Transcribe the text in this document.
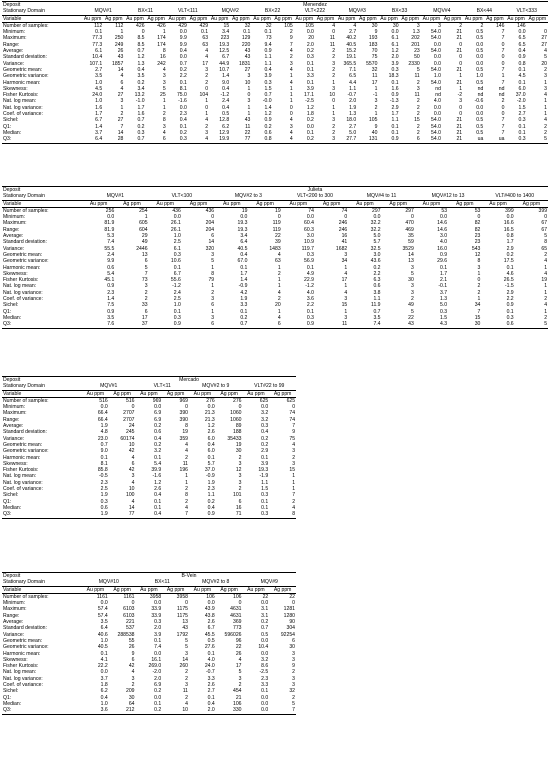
Deposit	Menendez																					
Stationary Domain	MQV#1		BX<11		VLT<111		MQV#2		BX<22		VLT<222		MQV#3		BX<33		MQV#4		BX<44		VLT<333	
Variable	Au ppm	Ag ppm	Au ppm	Ag ppm	Au ppm	Ag ppm	Au ppm	Ag ppm	Au ppm	Ag ppm	Au ppm	Ag ppm	Au ppm	Ag ppm	Au ppm	Ag ppm	Au ppm	Ag ppm	Au ppm	Ag ppm	Au ppm	Ag ppm
Number of samples:	112	112	426	426	429	429	15	32	32	105	105	4	4	30	30	3	3	2	2	146	146	
Minimum:	0.1	1	0	1	0.0	0.1	3.4	0.1	0.1	2	0.0	0	2.7	9	0.0	1.3	54.0	21	0.5	7	0.0	0
Maximum:	77.3	250	8.5	174	9.9	63	223	129	73	9	20	11	40.2	193	6.1	202	54.0	21	0.5	7	6.5	27
Range:	77.3	249	8.5	174	9.9	63	19.3	220	9.4	7	2.0	11	40.5	183	6.1	201	0.0	0	0.0	0	6.5	27
Average:	6.1	26	0.7	8	0.4	4	12.5	43	0.9	4	0.2	2	15.2	70	1.2	23	54.0	21	0.5	7	0.4	4
Standard deviation:	10.4	43	1.2	16	0.0	4	6.7	43	1.1	2	0.3	2	19.1	75	2.0	50	0.0	0	0.0	0	0.9	5
Variance:	107.1	1857	1.3	242	0.7	17	44.9	1831	1.1	3	0.1	3	365.5	5570	3.9	2330	0.0	0	0.0	0	0.8	20
Geometric mean:	2.7	14	0.4	4	0.2	3	10.7	27	0.4	4	0.1	2	7.1	32	0.3	5	54.0	21	0.5	7	0.1	2
Geometric variance:	3.5	4	3.5	3	2.2	2	1.4	3	3.9	1	3.3	2	6.5	11	18.3	11	1.0	1	1.0	1	4.5	3
Harmonic mean:	1.0	6	0.2	3	0.1	2	9.0	10	0.3	4	0.1	1	4.4	17	0.1	2	54.0	21	0.5	7	0.1	1
Skewness:	4.5	4	3.4	5	8.1	0	0.4	1	1.5	1	3.9	3	1.1	1	1.6	3	nd	1	nd	nd	6.0	3
Fisher Kurtosis:	24.0	27	13.2	25	75.0	104	-1.2	0	0.7	1	17.1	10	-0.7	-1	0.9	11	nd	-2	nd	nd	37.0	4
Nat. log mean:	1.0	3	-1.0	1	-1.6	1	2.4	3	-0.0	1	-2.5	0	2.0	3	-1.3	2	4.0	3	-0.6	2	-2.0	1
Nat. log variance:	1.6	1	1.7	1	0.0	0	0.4	1	1.4	0	1.2	1	1.9	2	2.9	2	0.0	0	0.0	0	1.5	1
Coef. of variance:	1.7	2	1.6	2	2.3	1	0.5	1	1.2	0	1.8	1	1.3	1	1.7	2	0.0	0	0.0	0	2.7	1
Sichel:	6.7	27	0.7	8	0.4	4	12.8	43	0.9	4	0.2	3	18.0	105	1.1	15	54.0	21	0.5	7	0.3	4
Q1:	1.4	7	0.2	3	0.1	2	6.2	11	0.2	3	0.0	2	2.7	9	0.1	2	54.0	21	0.5	7	0.1	2
Median:	3.7	14	0.3	4	0.2	3	12.9	22	0.6	4	0.1	2	5.0	40	0.1	2	54.0	21	0.5	7	0.1	2
Q3:	6.4	28	0.7	6	0.3	4	19.9	77	0.8	4	0.2	3	27.7	131	0.9	6	54.0	21	ua	ua	0.3	5
Deposit	Julieta													
Stationary Domain	MQV#1		VLT<100		MQV#2 to 3		VLT<200 to 300		MQV#4 to 11		MQV#12 to 13		VLT#400 to 1400	
Variable	Au ppm	Ag ppm	Au ppm	Ag ppm	Au ppm	Ag ppm	Au ppm	Ag ppm	Au ppm	Ag ppm	Au ppm	Ag ppm	Au ppm	Ag ppm
Number of samples:	256	254	436	436	19	19	74	74	297	297	53	53	399	399
Minimum:	0.0	1	0.0	0	0.0	0	0.0	0	0.0	0	0.0	0	0.0	0
Maximum:	81.9	605	26.1	204	19.3	119	60.4	246	32.2	470	14.6	82	16.6	67
Range:	81.9	604	26.1	204	19.3	119	60.3	246	32.2	469	14.6	82	16.5	67
Average:	5.3	29	1.0	6	3.4	22	3.0	16	5.0	35	3.0	23	0.8	5
Standard deviation:	7.4	49	2.5	14	6.4	39	10.9	41	5.7	59	4.0	23	1.7	8
Variance:	55.5	2446	6.1	320	40.5	1483	119.7	1682	32.5	3529	16.0	543	2.9	65
Geometric mean:	2.4	13	0.3	3	0.4	4	0.3	3	3.0	14	0.9	12	0.2	2
Geometric variance:	9.9	6	10.6	5	67.0	63	56.9	34	43.6	13	29.6	8	17.5	4
Harmonic mean:	0.6	5	0.1	1	0.1	1	0.1	1	0.2	3	0.1	3	0.1	1
Skewness:	5.4	7	6.7	8	1.7	2	4.9	4	2.2	5	1.7	1	4.6	4
Fisher Kurtosis:	45.1	73	55.6	79	1.4	1	22.9	17	6.3	30	2.1	0	26.5	19
Nat. log mean:	0.9	3	-1.2	1	-0.9	1	-1.2	1	0.6	3	-0.1	2	-1.5	1
Nat. log variance:	2.3	2	2.4	2	4.2	4	4.0	4	3.8	3	3.7	2	2.9	1
Coef. of variance:	1.4	2	2.5	3	1.9	2	3.6	3	1.1	2	1.3	1	2.2	2
Sichel:	7.5	33	1.0	6	3.3	20	2.2	15	11.9	49	5.0	34	0.9	4
Q1:	0.9	6	0.1	1	0.1	1	0.1	1	0.7	5	0.3	7	0.1	1
Median:	3.5	17	0.3	3	0.2	4	0.3	3	3.5	22	1.5	15	0.3	2
Q3:	7.6	37	0.9	6	0.7	6	0.9	11	7.4	43	4.3	30	0.6	5
Deposit	Mercado							
Stationary Domain	MQV#1		VLT<11		MQV#2 to 9		VLT#22 to 99	
Variable	Au ppm	Ag ppm	Au ppm	Ag ppm	Au ppm	Ag ppm	Au ppm	Ag ppm
Number of samples:	516	516	969	969	276	276	625	625
Minimum:	0.0	0	0.0	0	0.0	0	0.0	0
Maximum:	66.4	2707	6.9	390	21.3	1060	3.2	74
Range:	66.4	2707	6.9	390	21.3	1060	3.2	74
Average:	1.9	24	0.2	8	1.2	89	0.3	7
Standard deviation:	4.8	245	0.6	19	2.6	188	0.4	9
Variance:	23.0	60174	0.4	359	6.0	35433	0.2	75
Geometric mean:	0.7	10	0.2	4	0.4	19	0.2	4
Geometric variance:	9.0	42	3.2	4	6.0	30	2.9	3
Harmonic mean:	0.1	4	0.1	2	0.1	2	0.1	2
Skewness:	8.1	6	5.4	11	5.7	3	3.9	3
Fisher Kurtosis:	85.8	42	39.9	196	37.0	12	19.3	15
Nat. log mean:	-0.5	3	-1.6	1	-0.9	3	-1.9	1
Nat. log variance:	2.3	4	1.2	1	1.9	3	1.1	1
Coef. of variance:	2.5	10	2.6	2	2.3	2	1.5	1
Sichel:	1.9	100	0.4	8	1.1	101	0.3	7
Q1:	0.3	4	0.1	2	0.2	6	0.1	2
Median:	0.6	14	0.1	4	0.4	16	0.1	4
Q3:	1.9	77	0.4	7	0.9	71	0.3	8
Deposit	B-Vein							
Stationary Domain	MQV#10		BX<11		MQV#2 to 8		MQV#9	
Variable	Au ppm	Ag ppm	Au ppm	Ag ppm	Au ppm	Ag ppm	Au ppm	Ag ppm
Number of samples:	1161	1161	3958	3958	106	106	22	22
Minimum:	0.0	0	0.0	0	0.0	0	0.0	0
Maximum:	57.4	6103	33.9	1175	43.9	4631	3.1	1281
Range:	57.4	6103	33.9	1175	43.8	4631	3.1	1280
Average:	3.5	221	0.3	13	2.6	369	0.2	90
Standard deviation:	6.4	537	2.0	43	6.7	773	0.7	304
Variance:	40.6	288538	3.9	1792	45.5	596026	0.5	92254
Geometric mean:	1.0	55	0.1	5	0.5	96	0.0	6
Geometric variance:	40.5	26	7.4	5	27.6	22	10.4	30
Harmonic mean:	0.1	9	0.0	3	0.1	26	0.0	3
Skewness:	4.1	6	16.1	14	4.0	4	3.2	3
Fisher Kurtosis:	22.2	42	269.0	260	24.0	17	8.6	9
Nat. log mean:	0.0	4	-2.0	2	-0.7	5	-2.5	2
Nat. log variance:	3.7	3	2.0	2	3.3	3	2.3	3
Coef. of variance:	1.8	2	6.9	3	2.6	2	3.3	3
Sichel:	6.2	209	0.2	11	2.7	454	0.1	32
Q1:	0.4	30	0.0	2	0.1	21	0.0	2
Median:	1.0	64	0.1	4	0.4	106	0.0	5
Q3:	3.6	212	0.2	10	2.0	330	0.0	7
